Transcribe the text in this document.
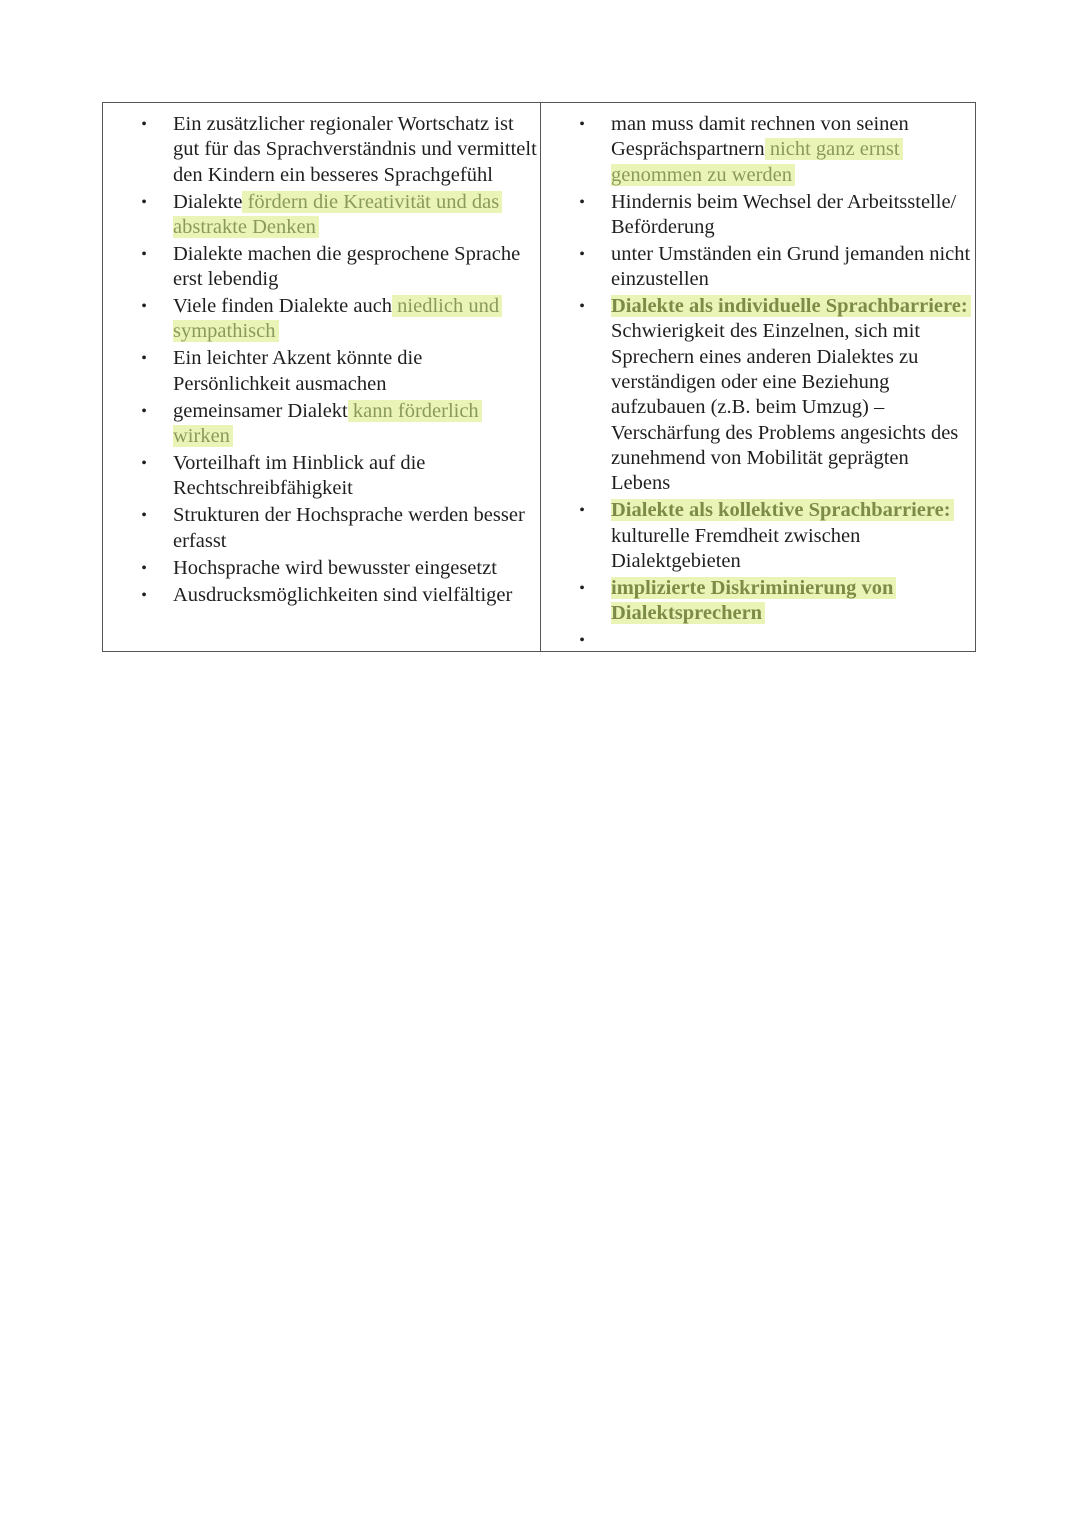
• Ein zusätzlicher regionaler Wortschatz ist gut für das Sprachverständnis und vermittelt den Kindern ein besseres Sprachgefühl
• Dialekte fördern die Kreativität und das abstrakte Denken
• Dialekte machen die gesprochene Sprache erst lebendig
• Viele finden Dialekte auch niedlich und sympathisch
• Ein leichter Akzent könnte die Persönlichkeit ausmachen
• gemeinsamer Dialekt kann förderlich wirken
• Vorteilhaft im Hinblick auf die Rechtschreibfähigkeit
• Strukturen der Hochsprache werden besser erfasst
• Hochsprache wird bewusster eingesetzt
• Ausdrucksmöglichkeiten sind vielfältiger
• man muss damit rechnen von seinen Gesprächspartnern nicht ganz ernst genommen zu werden
• Hindernis beim Wechsel der Arbeitsstelle/ Beförderung
• unter Umständen ein Grund jemanden nicht einzustellen
• Dialekte als individuelle Sprachbarriere: Schwierigkeit des Einzelnen, sich mit Sprechern eines anderen Dialektes zu verständigen oder eine Beziehung aufzubauen (z.B. beim Umzug) – Verschärfung des Problems angesichts des zunehmend von Mobilität geprägten Lebens
• Dialekte als kollektive Sprachbarriere: kulturelle Fremdheit zwischen Dialektgebieten
• implizierte Diskriminierung von Dialektsprechern
•
